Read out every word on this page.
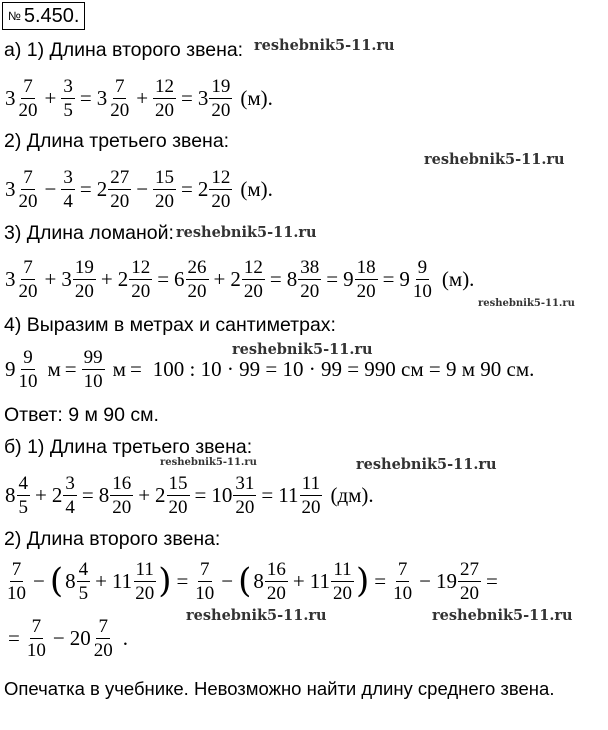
№ 5.450.
а) 1) Длина второго звена:
$3 \frac{7}{20} + \frac{3}{5} = 3 \frac{7}{20} + \frac{12}{20} = 3 \frac{19}{20} (м)$.
2) Длина третьего звена:
$3 \frac{7}{20} - \frac{3}{4} = 2 \frac{27}{20} - \frac{15}{20} = 2 \frac{12}{20} (м)$.
3) Длина ломаной:
$3 \frac{7}{20} + 3 \frac{19}{20} + 2 \frac{12}{20} = 6 \frac{26}{20} + 2 \frac{12}{20} = 8 \frac{38}{20} = 9 \frac{18}{20} = 9 \frac{9}{10} (м)$.
4) Выразим в метрах и сантиметрах:
$9 \frac{9}{10}$ $м = \frac{99}{10}$ м = 100 : 10 · 99 = 10 · 99 = 990 см = 9 м 90 см.
Ответ: 9 м 90 см.
б) 1) Длина третьего звена:
$8 \frac{4}{5} + 2 \frac{3}{4} = 8 \frac{16}{20} + 2 \frac{15}{20} = 10 \frac{31}{20} = 11 \frac{11}{20} (дм)$.
2) Длина второго звена:
$\frac{7}{10}$ − ( $8 \frac{4}{5} + 11 \frac{11}{20}$ ) = $\frac{7}{10}$ − ( $8 \frac{16}{20} + 11 \frac{11}{20}$ ) = $\frac{7}{10} - 19 \frac{27}{20}$ =
= $\frac{7}{10} - 20 \frac{7}{20}$ .
Опечатка в учебнике. Невозможно найти длину среднего звена.
reshebnik5-11.ru
reshebnik5-11.ru
reshebnik5-11.ru
reshebnik5-11.ru
reshebnik5-11.ru
reshebnik5-11.ru	reshebnik5-11.ru
reshebnik5-11.ru	reshebnik5-11.ru
